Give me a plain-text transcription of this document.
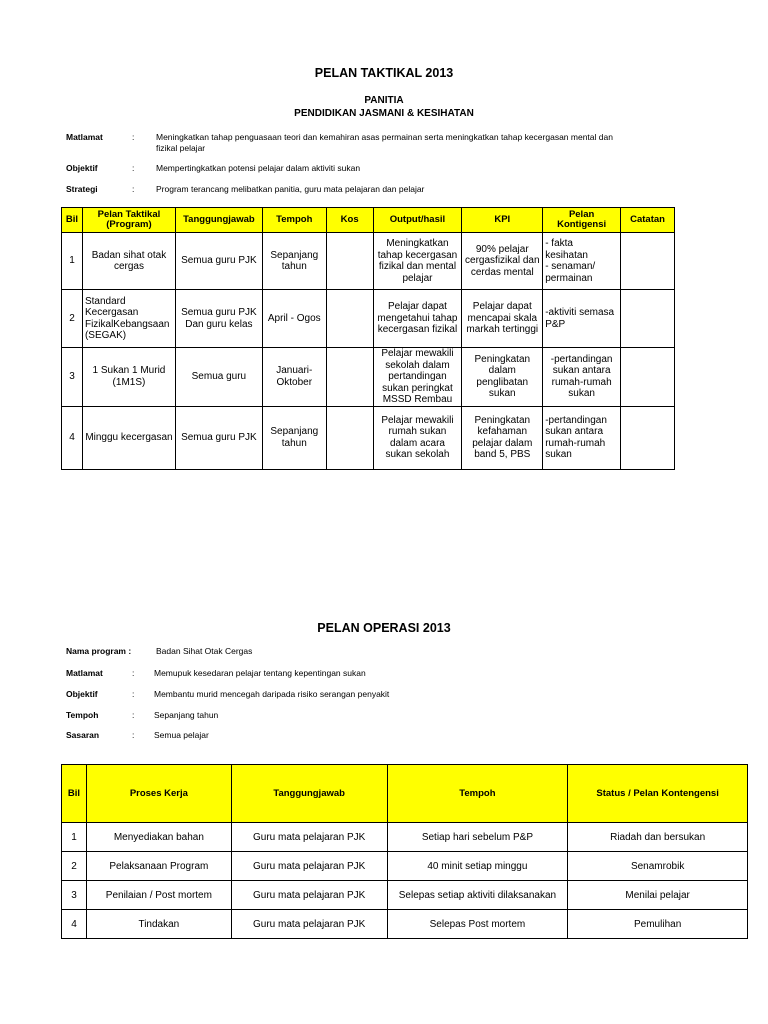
PELAN TAKTIKAL 2013
PANITIA
PENDIDIKAN JASMANI & KESIHATAN
Matlamat	:	Meningkatkan tahap penguasaan teori dan kemahiran asas permainan serta meningkatkan tahap kecergasan mental dan
fizikal pelajar
Objektif	:	Mempertingkatkan potensi pelajar dalam aktiviti sukan
Strategi	:	Program terancang melibatkan panitia, guru mata pelajaran dan pelajar
Bil	Pelan Taktikal (Program)	Tanggungjawab	Tempoh	Kos	Output/hasil	KPI	Pelan Kontigensi	Catatan
1	Badan sihat otak cergas	Semua guru PJK	Sepanjang tahun		Meningkatkan tahap kecergasan fizikal dan mental pelajar	90% pelajar cergasfizikal dan cerdas mental	- fakta kesihatan
- senaman/ permainan	
2	Standard Kecergasan FizikalKebangsaan (SEGAK)	Semua guru PJK Dan guru kelas	April - Ogos		Pelajar dapat mengetahui tahap kecergasan fizikal	Pelajar dapat mencapai skala markah tertinggi	-aktiviti semasa P&P	
3	1 Sukan 1 Murid (1M1S)	Semua guru	Januari-Oktober		Pelajar mewakili sekolah dalam pertandingan sukan peringkat MSSD Rembau	Peningkatan dalam penglibatan sukan	-pertandingan sukan antara rumah-rumah sukan	
4	Minggu kecergasan	Semua guru PJK	Sepanjang tahun		Pelajar mewakili rumah sukan dalam acara sukan sekolah	Peningkatan kefahaman pelajar dalam band 5, PBS	-pertandingan sukan antara rumah-rumah sukan	
PELAN OPERASI 2013
Nama program :	Badan Sihat Otak Cergas
Matlamat	: Memupuk kesedaran pelajar tentang kepentingan sukan
Objektif	: Membantu murid mencegah daripada risiko serangan penyakit
Tempoh	: Sepanjang tahun
Sasaran	: Semua pelajar
Bil	Proses Kerja	Tanggungjawab	Tempoh	Status / Pelan Kontengensi
1	Menyediakan bahan	Guru mata pelajaran PJK	Setiap hari sebelum P&P	Riadah dan bersukan
2	Pelaksanaan Program	Guru mata pelajaran PJK	40 minit setiap minggu	Senamrobik
3	Penilaian / Post mortem	Guru mata pelajaran PJK	Selepas setiap aktiviti dilaksanakan	Menilai pelajar
4	Tindakan	Guru mata pelajaran PJK	Selepas Post mortem	Pemulihan
